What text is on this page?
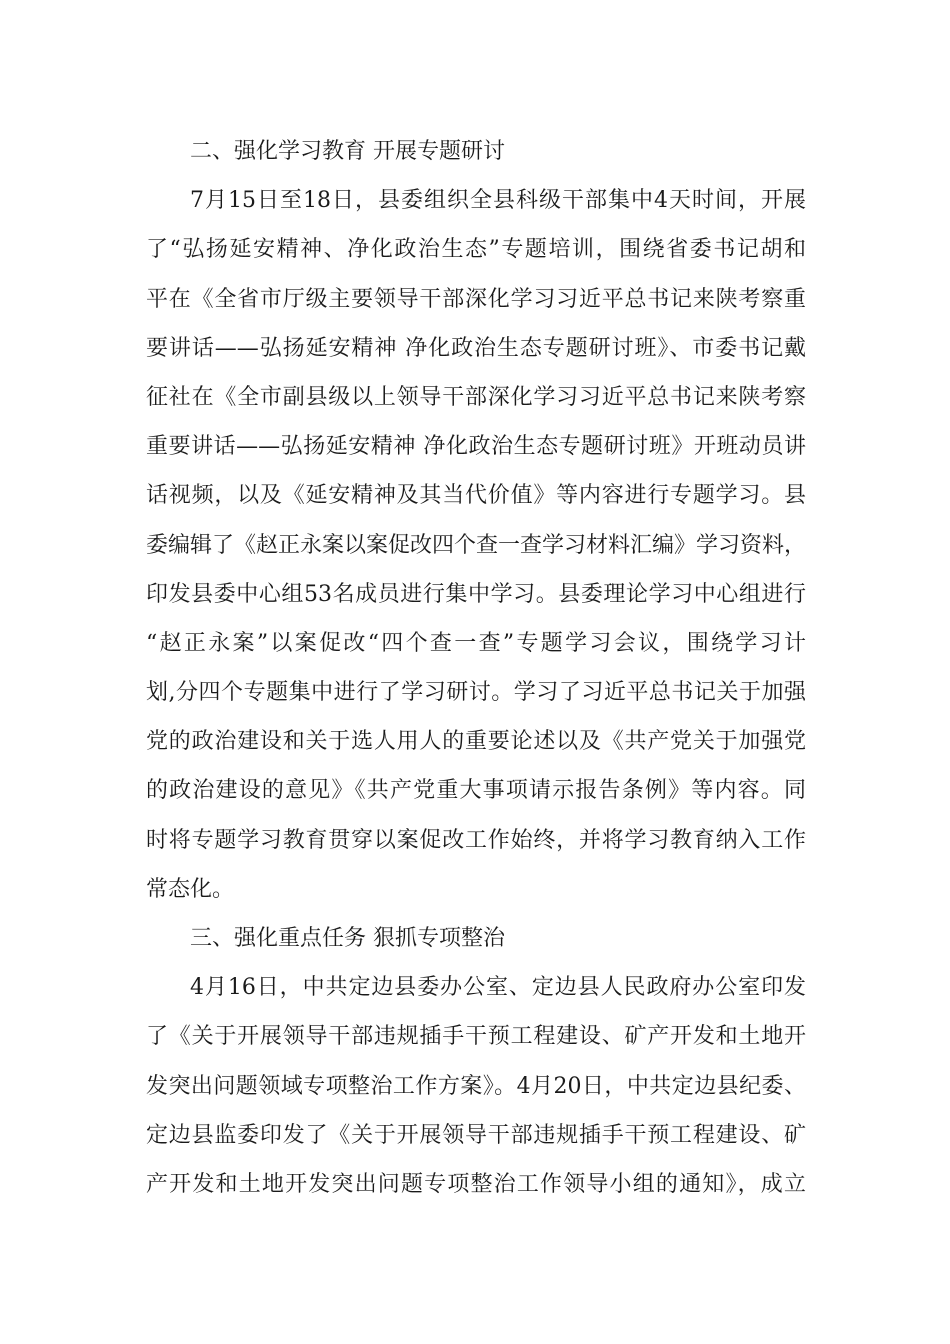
二、强化学习教育 开展专题研讨
7月15日至18日，县委组织全县科级干部集中4天时间，开展
了“弘扬延安精神、净化政治生态”专题培训，围绕省委书记胡和
平在《全省市厅级主要领导干部深化学习习近平总书记来陕考察重
要讲话——弘扬延安精神 净化政治生态专题研讨班》、市委书记戴
征社在《全市副县级以上领导干部深化学习习近平总书记来陕考察
重要讲话——弘扬延安精神 净化政治生态专题研讨班》开班动员讲
话视频，以及《延安精神及其当代价值》等内容进行专题学习。县
委编辑了《赵正永案以案促改四个查一查学习材料汇编》学习资料，
印发县委中心组53名成员进行集中学习。县委理论学习中心组进行
“赵正永案”以案促改“四个查一查”专题学习会议，围绕学习计
划,分四个专题集中进行了学习研讨。学习了习近平总书记关于加强
党的政治建设和关于选人用人的重要论述以及《共产党关于加强党
的政治建设的意见》《共产党重大事项请示报告条例》等内容。同
时将专题学习教育贯穿以案促改工作始终，并将学习教育纳入工作
常态化。
三、强化重点任务 狠抓专项整治
4月16日，中共定边县委办公室、定边县人民政府办公室印发
了《关于开展领导干部违规插手干预工程建设、矿产开发和土地开
发突出问题领域专项整治工作方案》。4月20日，中共定边县纪委、
定边县监委印发了《关于开展领导干部违规插手干预工程建设、矿
产开发和土地开发突出问题专项整治工作领导小组的通知》，成立
